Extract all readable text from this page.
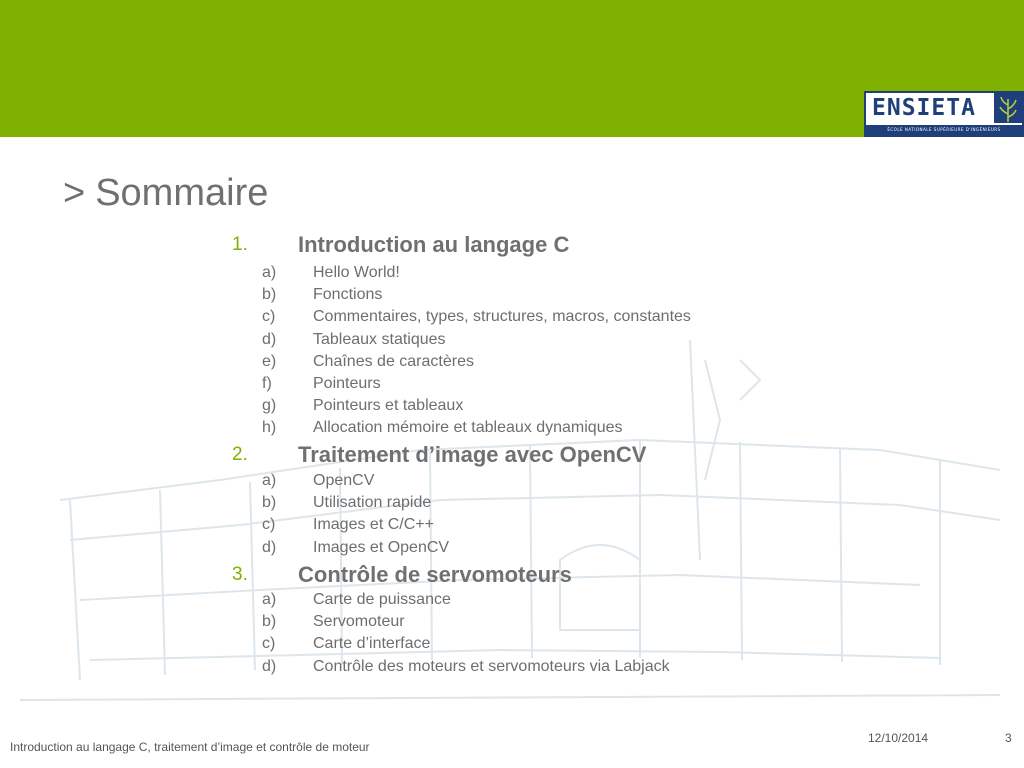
ENSIETA
ÉCOLE NATIONALE SUPÉRIEURE D'INGÉNIEURS
> Sommaire
1. Introduction au langage C
a) Hello World!
b) Fonctions
c) Commentaires, types, structures, macros, constantes
d) Tableaux statiques
e) Chaînes de caractères
f)	Pointeurs
g) Pointeurs et tableaux
h) Allocation mémoire et tableaux dynamiques
2. Traitement d’image avec OpenCV
a) OpenCV
b) Utilisation rapide
c) Images et C/C++
d) Images et OpenCV
3. Contrôle de servomoteurs
a) Carte de puissance
b) Servomoteur
c) Carte d’interface
d) Contrôle des moteurs et servomoteurs via Labjack
Introduction au langage C, traitement d’image et contrôle de moteur
12/10/2014	3
